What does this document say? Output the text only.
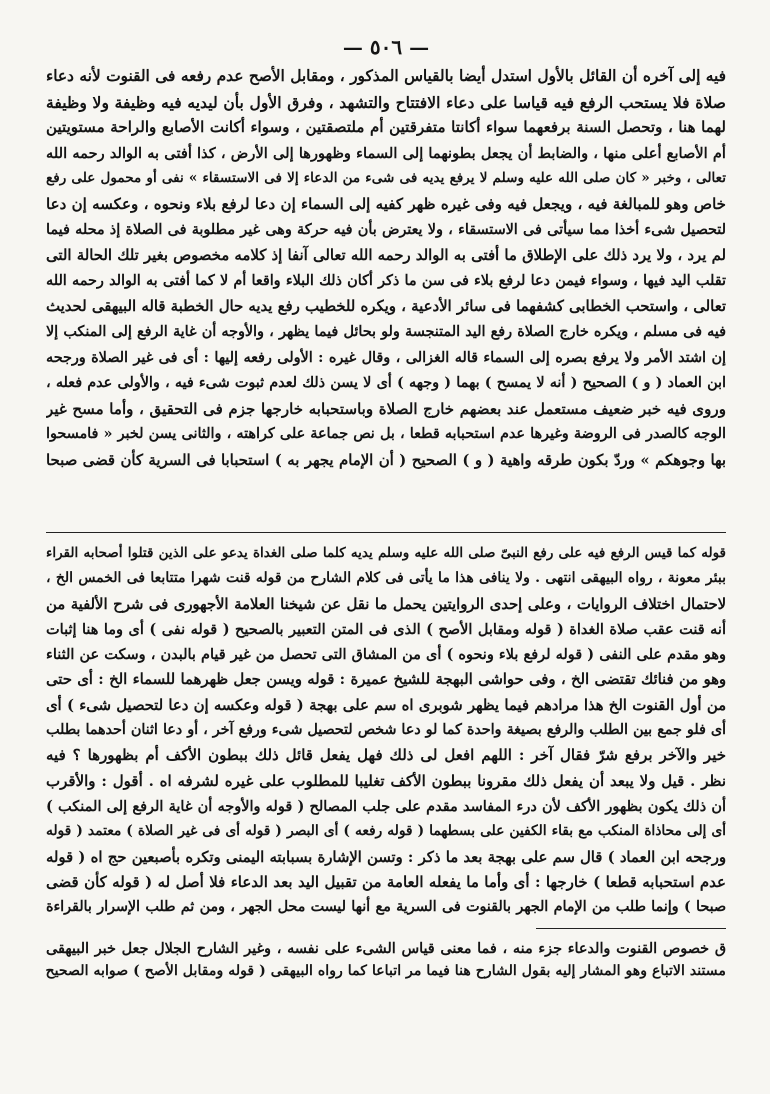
— ٥٠٦ —
فيه إلى آخره أن القائل بالأول استدل أيضا بالقياس المذكور ، ومقابل الأصح عدم رفعه فى القنوت لأنه دعاء
صلاة فلا يستحب الرفع فيه قياسا على دعاء الافتتاح والتشهد ، وفرق الأول بأن ليديه فيه وظيفة ولا وظيفة
لهما هنا ، وتحصل السنة برفعهما سواء أكانتا متفرقتين أم ملتصقتين ، وسواء أكانت الأصابع والراحة مستويتين
أم الأصابع أعلى منها ، والضابط أن يجعل بطونهما إلى السماء وظهورها إلى الأرض ، كذا أفتى به الوالد رحمه الله
تعالى ، وخبر « كان صلى الله عليه وسلم لا يرفع يديه فى شىء من الدعاء إلا فى الاستسقاء » نفى أو محمول على رفع
خاص وهو للمبالغة فيه ، ويجعل فيه وفى غيره ظهر كفيه إلى السماء إن دعا لرفع بلاء ونحوه ، وعكسه إن دعا
لتحصيل شىء أخذا مما سيأتى فى الاستسقاء ، ولا يعترض بأن فيه حركة وهى غير مطلوبة فى الصلاة إذ محله فيما
لم يرد ، ولا يرد ذلك على الإطلاق ما أفتى به الوالد رحمه الله تعالى آنفا إذ كلامه مخصوص بغير تلك الحالة التى
تقلب اليد فيها ، وسواء فيمن دعا لرفع بلاء فى سن ما ذكر أكان ذلك البلاء واقعا أم لا كما أفتى به الوالد رحمه الله
تعالى ، واستحب الخطابى كشفهما فى سائر الأدعية ، ويكره للخطيب رفع يديه حال الخطبة قاله البيهقى لحديث
فيه فى مسلم ، ويكره خارج الصلاة رفع اليد المتنجسة ولو بحائل فيما يظهر ، والأوجه أن غاية الرفع إلى المنكب إلا
إن اشتد الأمر ولا يرفع بصره إلى السماء قاله الغزالى ، وقال غيره : الأولى رفعه إليها : أى فى غير الصلاة ورجحه
ابن العماد ( و ) الصحيح ( أنه لا يمسح ) بهما ( وجهه ) أى لا يسن ذلك لعدم ثبوت شىء فيه ، والأولى عدم فعله ،
وروى فيه خبر ضعيف مستعمل عند بعضهم خارج الصلاة وباستحبابه خارجها جزم فى التحقيق ، وأما مسح غير
الوجه كالصدر فى الروضة وغيرها عدم استحبابه قطعا ، بل نص جماعة على كراهته ، والثانى يسن لخبر « فامسحوا
بها وجوهكم » وردّ بكون طرقه واهية ( و ) الصحيح ( أن الإمام يجهر به ) استحبابا فى السرية كأن قضى صبحا
قوله كما قيس الرفع فيه على رفع النبىّ صلى الله عليه وسلم يديه كلما صلى الغداة يدعو على الذين قتلوا أصحابه القراء
ببئر معونة ، رواه البيهقى انتهى . ولا ينافى هذا ما يأتى فى كلام الشارح من قوله قنت شهرا متتابعا فى الخمس الخ ،
لاحتمال اختلاف الروايات ، وعلى إحدى الروايتين يحمل ما نقل عن شيخنا العلامة الأجهورى فى شرح الألفية من
أنه قنت عقب صلاة الغداة ( قوله ومقابل الأصح ) الذى فى المتن التعبير بالصحيح ( قوله نفى ) أى وما هنا إثبات
وهو مقدم على النفى ( قوله لرفع بلاء ونحوه ) أى من المشاق التى تحصل من غير قيام بالبدن ، وسكت عن الثناء
وهو من فنائك تقتضى الخ ، وفى حواشى البهجة للشيخ عميرة : قوله ويسن جعل ظهرهما للسماء الخ : أى حتى
من أول القنوت الخ هذا مرادهم فيما يظهر شوبرى اه سم على بهجة ( قوله وعكسه إن دعا لتحصيل شىء ) أى
أى فلو جمع بين الطلب والرفع بصيغة واحدة كما لو دعا شخص لتحصيل شىء ورفع آخر ، أو دعا اثنان أحدهما بطلب
خير والآخر برفع شرّ فقال آخر : اللهم افعل لى ذلك فهل يفعل قائل ذلك ببطون الأكف أم بظهورها ؟ فيه
نظر . قيل ولا يبعد أن يفعل ذلك مقرونا ببطون الأكف تغليبا للمطلوب على غيره لشرفه اه . أقول : والأقرب
أن ذلك يكون بظهور الأكف لأن درء المفاسد مقدم على جلب المصالح ( قوله والأوجه أن غاية الرفع إلى المنكب )
أى إلى محاذاة المنكب مع بقاء الكفين على بسطهما ( قوله رفعه ) أى البصر ( قوله أى فى غير الصلاة ) معتمد ( قوله
ورجحه ابن العماد ) قال سم على بهجة بعد ما ذكر : وتسن الإشارة بسبابته اليمنى وتكره بأصبعين حج اه ( قوله
عدم استحبابه قطعا ) خارجها : أى وأما ما يفعله العامة من تقبيل اليد بعد الدعاء فلا أصل له ( قوله كأن قضى
صبحا ) وإنما طلب من الإمام الجهر بالقنوت فى السرية مع أنها ليست محل الجهر ، ومن ثم طلب الإسرار بالقراءة
ق خصوص القنوت والدعاء جزء منه ، فما معنى قياس الشىء على نفسه ، وغير الشارح الجلال جعل خبر البيهقى
مستند الاتباع وهو المشار إليه بقول الشارح هنا فيما مر اتباعا كما رواه البيهقى ( قوله ومقابل الأصح ) صوابه الصحيح
